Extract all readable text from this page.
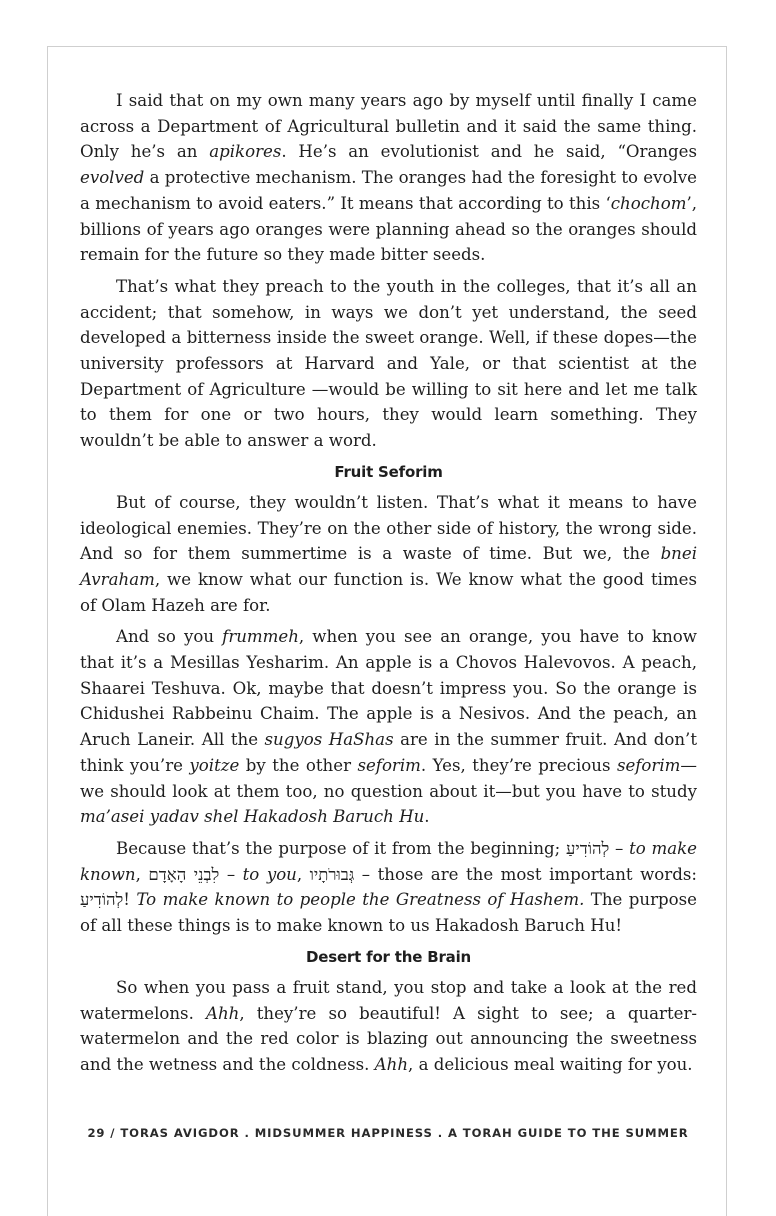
I said that on my own many years ago by myself until finally I came across a Department of Agricultural bulletin and it said the same thing. Only he’s an apikores. He’s an evolutionist and he said, “Oranges evolved a protective mechanism. The oranges had the foresight to evolve a mechanism to avoid eaters.” It means that according to this ‘chochom’, billions of years ago oranges were planning ahead so the oranges should remain for the future so they made bitter seeds.

That’s what they preach to the youth in the colleges, that it’s all an accident; that somehow, in ways we don’t yet understand, the seed developed a bitterness inside the sweet orange. Well, if these dopes—the university professors at Harvard and Yale, or that scientist at the Department of Agriculture —would be willing to sit here and let me talk to them for one or two hours, they would learn something. They wouldn’t be able to answer a word.

Fruit Seforim

But of course, they wouldn’t listen. That’s what it means to have ideological enemies. They’re on the other side of history, the wrong side. And so for them summertime is a waste of time. But we, the bnei Avraham, we know what our function is. We know what the good times of Olam Hazeh are for.

And so you frummeh, when you see an orange, you have to know that it’s a Mesillas Yesharim. An apple is a Chovos Halevovos. A peach, Shaarei Teshuva. Ok, maybe that doesn’t impress you. So the orange is Chidushei Rabbeinu Chaim. The apple is a Nesivos. And the peach, an Aruch Laneir. All the sugyos HaShas are in the summer fruit. And don’t think you’re yoitze by the other seforim. Yes, they’re precious seforim—we should look at them too, no question about it—but you have to study ma’asei yadav shel Hakadosh Baruch Hu.

Because that’s the purpose of it from the beginning; לְהוֹדִיעַ – to make known, לִבְנֵי הָאָדָם – to you, גְּבוּרֹתָיו – those are the most important words: לְהוֹדִיעַ! To make known to people the Greatness of Hashem. The purpose of all these things is to make known to us Hakadosh Baruch Hu!

Desert for the Brain

So when you pass a fruit stand, you stop and take a look at the red watermelons. Ahh, they’re so beautiful! A sight to see; a quarter-watermelon and the red color is blazing out announcing the sweetness and the wetness and the coldness. Ahh, a delicious meal waiting for you.

29 / TORAS AVIGDOR . MIDSUMMER HAPPINESS . A TORAH GUIDE TO THE SUMMER
